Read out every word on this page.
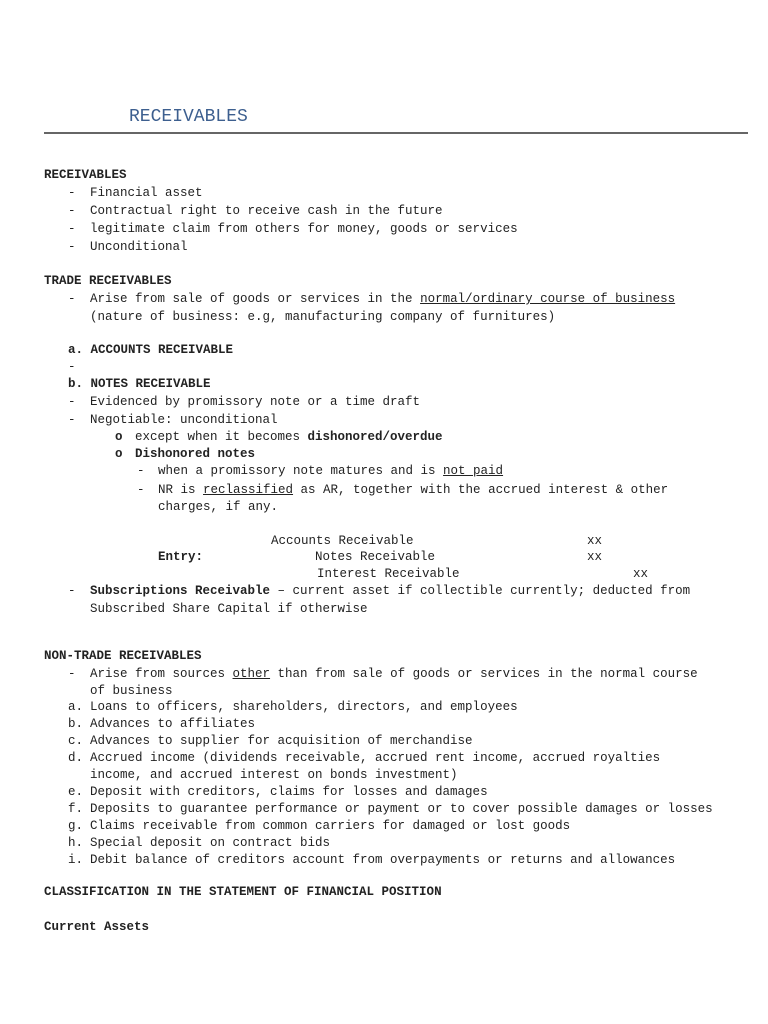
RECEIVABLES
RECEIVABLES
- Financial asset
- Contractual right to receive cash in the future
- legitimate claim from others for money, goods or services
- Unconditional
TRADE RECEIVABLES
- Arise from sale of goods or services in the normal/ordinary course of business
(nature of business: e.g, manufacturing company of furnitures)
a. ACCOUNTS RECEIVABLE
-
b. NOTES RECEIVABLE
- Evidenced by promissory note or a time draft
- Negotiable: unconditional
o except when it becomes dishonored/overdue
o Dishonored notes
- when a promissory note matures and is not paid
- NR is reclassified as AR, together with the accrued interest & other
charges, if any.
Accounts Receivable	xx
Entry:	Notes Receivable	xx
Interest Receivable	xx
- Subscriptions Receivable – current asset if collectible currently; deducted from
Subscribed Share Capital if otherwise
NON-TRADE RECEIVABLES
- Arise from sources other than from sale of goods or services in the normal course
of business
a. Loans to officers, shareholders, directors, and employees
b. Advances to affiliates
c. Advances to supplier for acquisition of merchandise
d. Accrued income (dividends receivable, accrued rent income, accrued royalties
income, and accrued interest on bonds investment)
e. Deposit with creditors, claims for losses and damages
f. Deposits to guarantee performance or payment or to cover possible damages or losses
g. Claims receivable from common carriers for damaged or lost goods
h. Special deposit on contract bids
i. Debit balance of creditors account from overpayments or returns and allowances
CLASSIFICATION IN THE STATEMENT OF FINANCIAL POSITION
Current Assets
